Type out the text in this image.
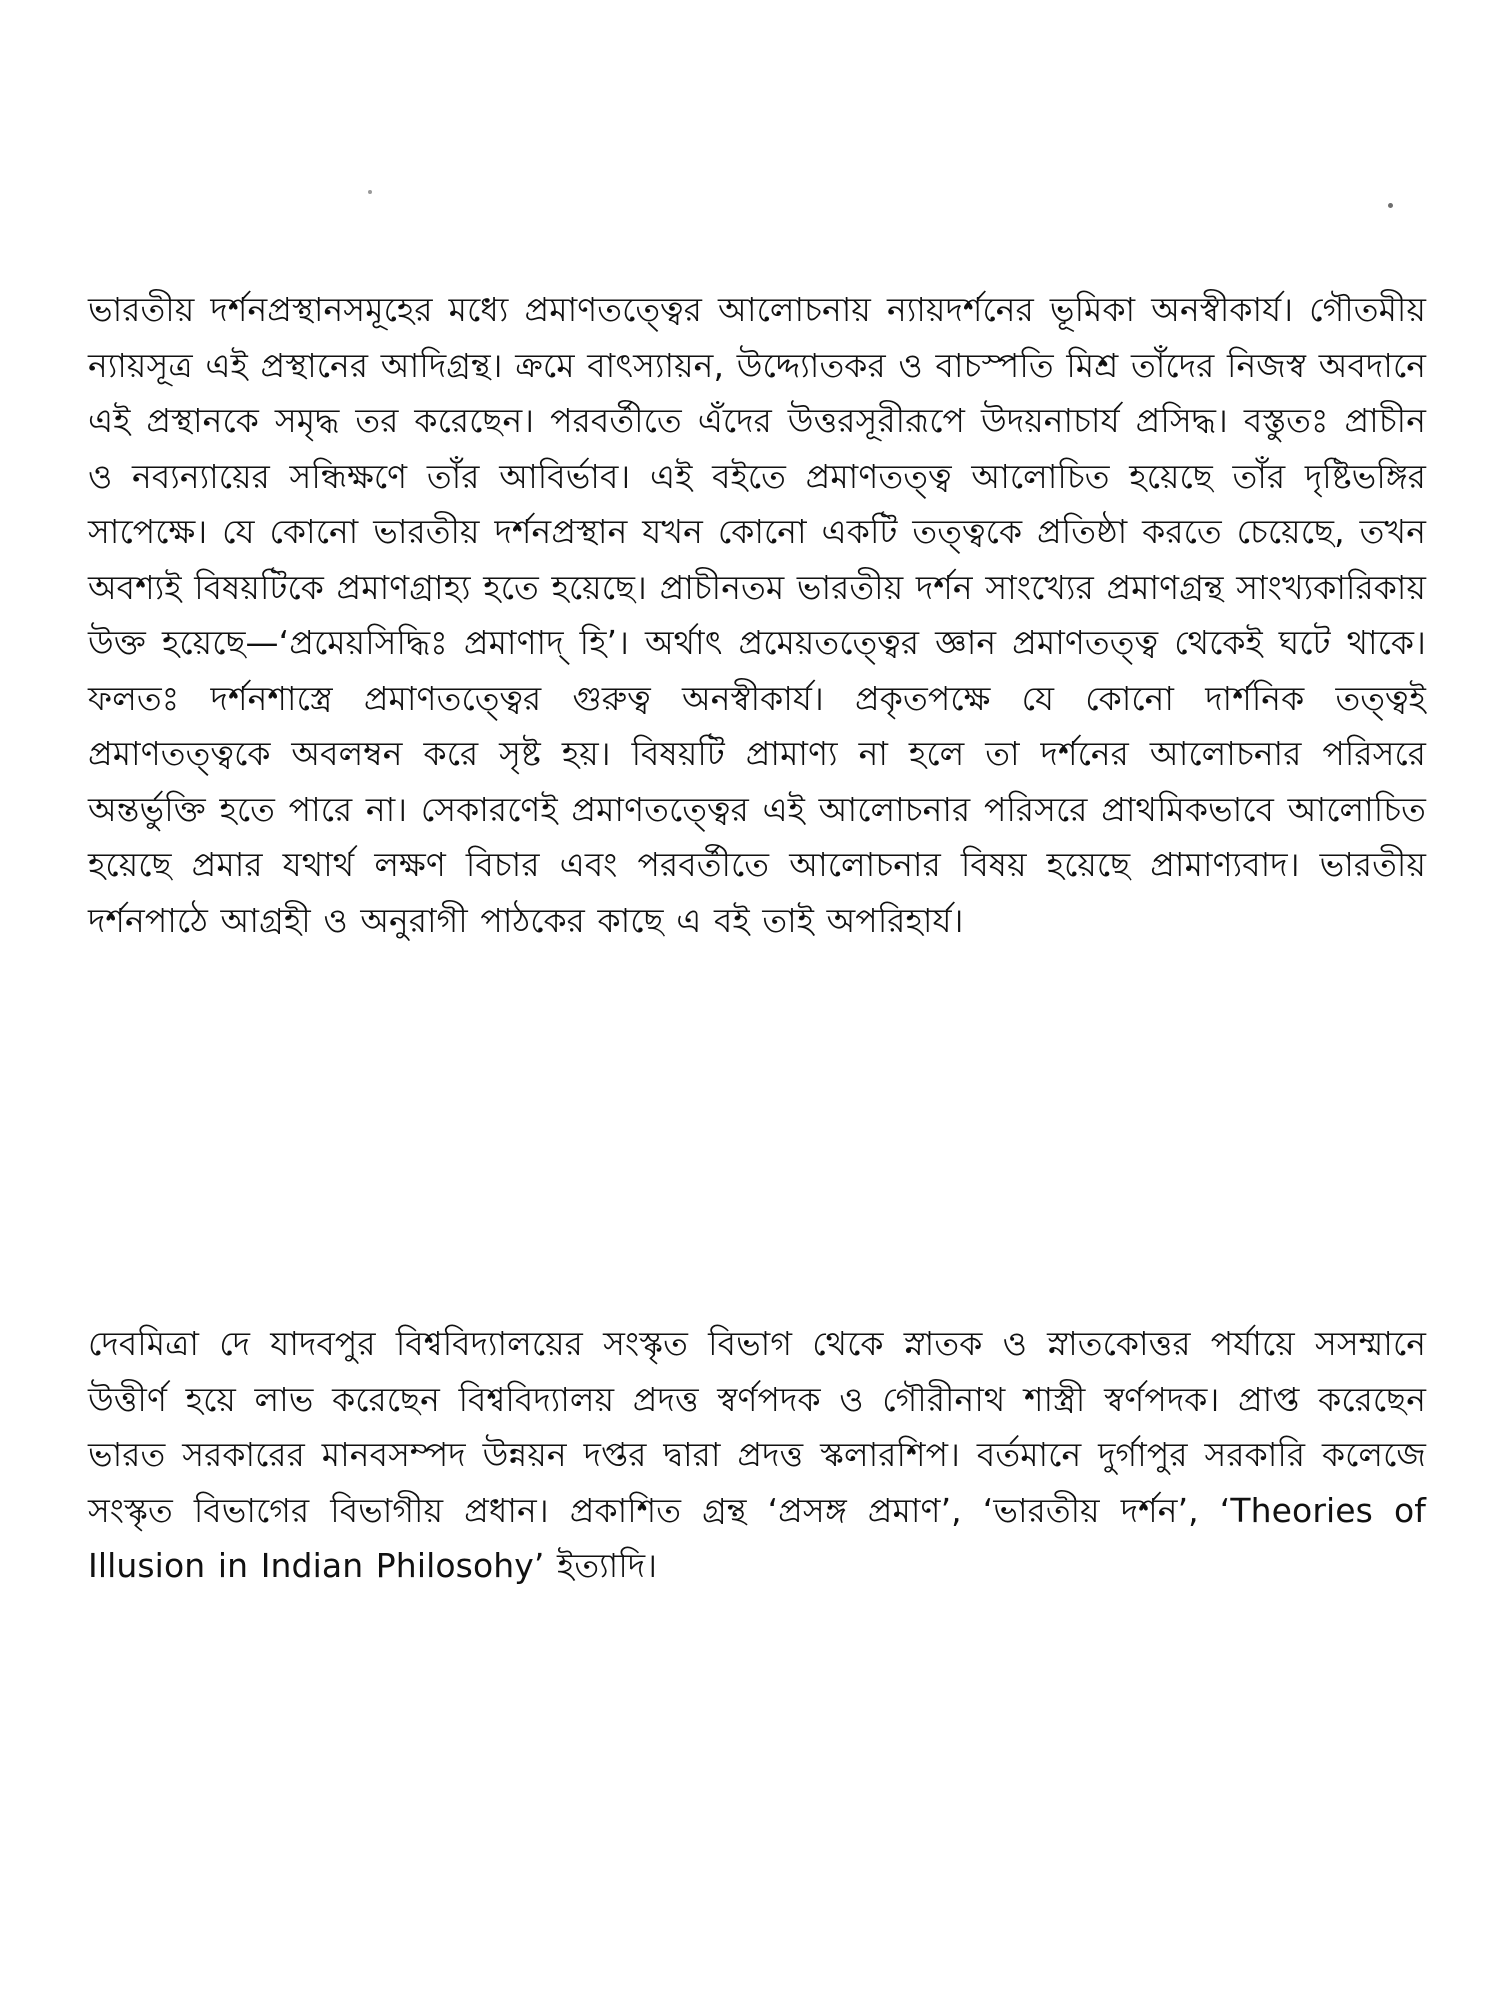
ভারতীয় দর্শনপ্রস্থানসমূহের মধ্যে প্রমাণতত্ত্বের আলোচনায় ন্যায়দর্শনের ভূমিকা অনস্বীকার্য। গৌতমীয় ন্যায়সূত্র এই প্রস্থানের আদিগ্রন্থ। ক্রমে বাৎস্যায়ন, উদ্দ্যোতকর ও বাচস্পতি মিশ্র তাঁদের নিজস্ব অবদানে এই প্রস্থানকে সমৃদ্ধ তর করেছেন। পরবর্তীতে এঁদের উত্তরসূরীরূপে উদয়নাচার্য প্রসিদ্ধ। বস্তুতঃ প্রাচীন ও নব্যন্যায়ের সন্ধিক্ষণে তাঁর আবির্ভাব। এই বইতে প্রমাণতত্ত্ব আলোচিত হয়েছে তাঁর দৃষ্টিভঙ্গির সাপেক্ষে। যে কোনো ভারতীয় দর্শনপ্রস্থান যখন কোনো একটি তত্ত্বকে প্রতিষ্ঠা করতে চেয়েছে, তখন অবশ্যই বিষয়টিকে প্রমাণগ্রাহ্য হতে হয়েছে। প্রাচীনতম ভারতীয় দর্শন সাংখ্যের প্রমাণগ্রন্থ সাংখ্যকারিকায় উক্ত হয়েছে—‘প্রমেয়সিদ্ধিঃ প্রমাণাদ্ হি’। অর্থাৎ প্রমেয়তত্ত্বের জ্ঞান প্রমাণতত্ত্ব থেকেই ঘটে থাকে। ফলতঃ দর্শনশাস্ত্রে প্রমাণতত্ত্বের গুরুত্ব অনস্বীকার্য। প্রকৃতপক্ষে যে কোনো দার্শনিক তত্ত্বই প্রমাণতত্ত্বকে অবলম্বন করে সৃষ্ট হয়। বিষয়টি প্রামাণ্য না হলে তা দর্শনের আলোচনার পরিসরে অন্তর্ভুক্তি হতে পারে না। সেকারণেই প্রমাণতত্ত্বের এই আলোচনার পরিসরে প্রাথমিকভাবে আলোচিত হয়েছে প্রমার যথার্থ লক্ষণ বিচার এবং পরবর্তীতে আলোচনার বিষয় হয়েছে প্রামাণ্যবাদ। ভারতীয় দর্শনপাঠে আগ্রহী ও অনুরাগী পাঠকের কাছে এ বই তাই অপরিহার্য।

দেবমিত্রা দে যাদবপুর বিশ্ববিদ্যালয়ের সংস্কৃত বিভাগ থেকে স্নাতক ও স্নাতকোত্তর পর্যায়ে সসম্মানে উত্তীর্ণ হয়ে লাভ করেছেন বিশ্ববিদ্যালয় প্রদত্ত স্বর্ণপদক ও গৌরীনাথ শাস্ত্রী স্বর্ণপদক। প্রাপ্ত করেছেন ভারত সরকারের মানবসম্পদ উন্নয়ন দপ্তর দ্বারা প্রদত্ত স্কলারশিপ। বর্তমানে দুর্গাপুর সরকারি কলেজে সংস্কৃত বিভাগের বিভাগীয় প্রধান। প্রকাশিত গ্রন্থ ‘প্রসঙ্গ প্রমাণ’, ‘ভারতীয় দর্শন’, ‘Theories of Illusion in Indian Philosohy’ ইত্যাদি।
